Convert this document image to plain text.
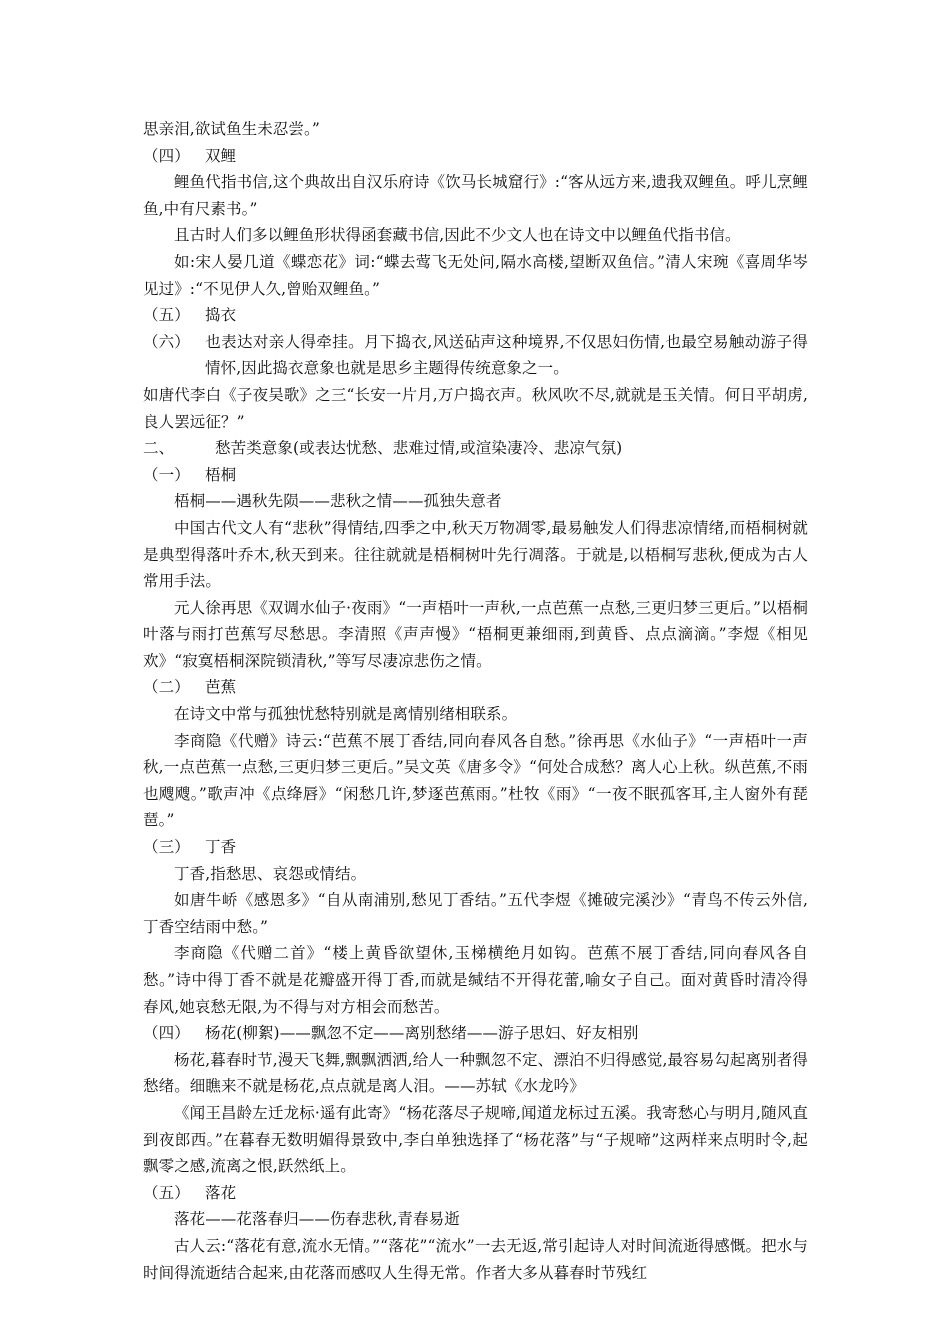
思亲泪,欲试鱼生未忍尝。”

（四） 双鲤

鲤鱼代指书信,这个典故出自汉乐府诗《饮马长城窟行》:“客从远方来,遗我双鲤鱼。呼儿烹鲤鱼,中有尺素书。”

且古时人们多以鲤鱼形状得函套藏书信,因此不少文人也在诗文中以鲤鱼代指书信。

如:宋人晏几道《蝶恋花》词:“蝶去莺飞无处问,隔水高楼,望断双鱼信。”清人宋琬《喜周华岑见过》:“不见伊人久,曾贻双鲤鱼。”

（五） 捣衣

（六） 也表达对亲人得牵挂。月下捣衣,风送砧声这种境界,不仅思妇伤情,也最空易触动游子得情怀,因此捣衣意象也就是思乡主题得传统意象之一。

如唐代李白《子夜吴歌》之三“长安一片月,万户捣衣声。秋风吹不尽,就就是玉关情。何日平胡虏,良人罢远征？”

二、	愁苦类意象(或表达忧愁、悲难过情,或渲染凄冷、悲凉气氛)

（一） 梧桐

梧桐——遇秋先陨——悲秋之情——孤独失意者

中国古代文人有“悲秋”得情结,四季之中,秋天万物凋零,最易触发人们得悲凉情绪,而梧桐树就是典型得落叶乔木,秋天到来。往往就就是梧桐树叶先行凋落。于就是,以梧桐写悲秋,便成为古人常用手法。

元人徐再思《双调水仙子·夜雨》“一声梧叶一声秋,一点芭蕉一点愁,三更归梦三更后。”以梧桐叶落与雨打芭蕉写尽愁思。李清照《声声慢》“梧桐更兼细雨,到黄昏、点点滴滴。”李煜《相见欢》“寂寞梧桐深院锁清秋,”等写尽凄凉悲伤之情。

（二） 芭蕉

在诗文中常与孤独忧愁特别就是离情别绪相联系。

李商隐《代赠》诗云:“芭蕉不展丁香结,同向春风各自愁。”徐再思《水仙子》“一声梧叶一声秋,一点芭蕉一点愁,三更归梦三更后。”吴文英《唐多令》“何处合成愁？离人心上秋。纵芭蕉,不雨也飕飕。”歌声冲《点绛唇》“闲愁几许,梦逐芭蕉雨。”杜牧《雨》“一夜不眠孤客耳,主人窗外有琵琶。”

（三） 丁香

丁香,指愁思、哀怨或情结。

如唐牛峤《感恩多》“自从南浦别,愁见丁香结。”五代李煜《摊破完溪沙》“青鸟不传云外信,丁香空结雨中愁。”

李商隐《代赠二首》“楼上黄昏欲望休,玉梯横绝月如钩。芭蕉不展丁香结,同向春风各自愁。”诗中得丁香不就是花瓣盛开得丁香,而就是缄结不开得花蕾,喻女子自己。面对黄昏时清冷得春风,她哀愁无限,为不得与对方相会而愁苦。

（四） 杨花(柳絮)——飘忽不定——离别愁绪——游子思妇、好友相别

杨花,暮春时节,漫天飞舞,飘飘洒洒,给人一种飘忽不定、漂泊不归得感觉,最容易勾起离别者得愁绪。细瞧来不就是杨花,点点就是离人泪。——苏轼《水龙吟》

《闻王昌龄左迁龙标·遥有此寄》“杨花落尽子规啼,闻道龙标过五溪。我寄愁心与明月,随风直到夜郎西。”在暮春无数明媚得景致中,李白单独选择了“杨花落”与“子规啼”这两样来点明时令,起飘零之感,流离之恨,跃然纸上。

（五） 落花

落花——花落春归——伤春悲秋,青春易逝

古人云:“落花有意,流水无情。”“落花”“流水”一去无返,常引起诗人对时间流逝得感慨。把水与时间得流逝结合起来,由花落而感叹人生得无常。作者大多从暮春时节残红
